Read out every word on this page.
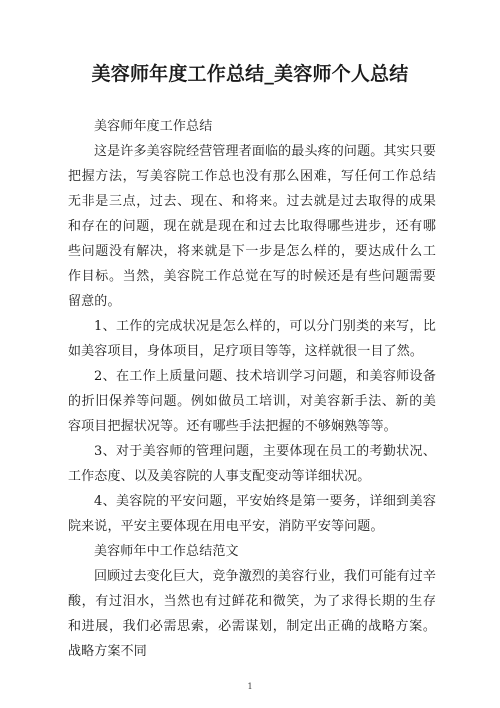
美容师年度工作总结_美容师个人总结

美容师年度工作总结

这是许多美容院经营管理者面临的最头疼的问题。其实只要把握方法，写美容院工作总也没有那么困难，写任何工作总结无非是三点，过去、现在、和将来。过去就是过去取得的成果和存在的问题，现在就是现在和过去比取得哪些进步，还有哪些问题没有解决，将来就是下一步是怎么样的，要达成什么工作目标。当然，美容院工作总觉在写的时候还是有些问题需要留意的。

1、工作的完成状况是怎么样的，可以分门别类的来写，比如美容项目，身体项目，足疗项目等等，这样就很一目了然。

2、在工作上质量问题、技术培训学习问题，和美容师设备的折旧保养等问题。例如做员工培训，对美容新手法、新的美容项目把握状况等。还有哪些手法把握的不够娴熟等等。

3、对于美容师的管理问题，主要体现在员工的考勤状况、工作态度、以及美容院的人事支配变动等详细状况。

4、美容院的平安问题，平安始终是第一要务，详细到美容院来说，平安主要体现在用电平安，消防平安等问题。

美容师年中工作总结范文

回顾过去变化巨大，竞争激烈的美容行业，我们可能有过辛酸，有过泪水，当然也有过鲜花和微笑，为了求得长期的生存和进展，我们必需思索，必需谋划，制定出正确的战略方案。战略方案不同

1
